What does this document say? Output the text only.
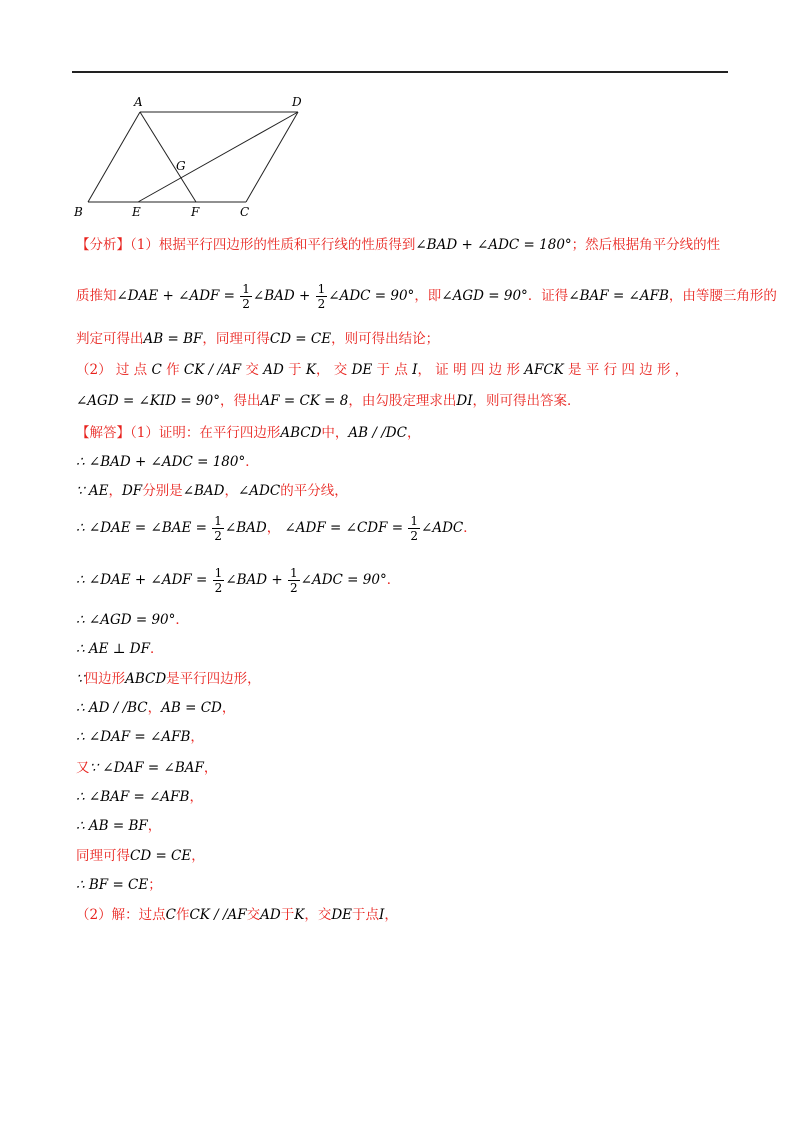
A	D
G
B	E	F	C
【分析】（1）根据平行四边形的性质和平行线的性质得到∠BAD + ∠ADC = 180°；然后根据角平分线的性
质推知∠DAE + ∠ADF = $\frac{1}{2}$ ∠BAD + $\frac{1}{2}$ ∠ADC = 90°，即∠AGD = 90°．证得∠BAF = ∠AFB，由等腰三角形的
判定可得出AB = BF，同理可得CD = CE，则可得出结论；
（2） 过 点 C 作 CK / /AF 交 AD 于 K， 交 DE 于 点 I， 证 明 四 边 形 AFCK 是 平 行 四 边 形 ，
∠AGD = ∠KID = 90°，得出AF = CK = 8，由勾股定理求出DI，则可得出答案．
【解答】（1）证明：在平行四边形ABCD中，AB / /DC，
∴ ∠BAD + ∠ADC = 180°．
∵ AE，DF分别是∠BAD，∠ADC的平分线，
∴ ∠DAE = ∠BAE = $\frac{1}{2}$ ∠BAD， ∠ADF = ∠CDF = $\frac{1}{2}$ ∠ADC．
∴ ∠DAE + ∠ADF = $\frac{1}{2}$ ∠BAD + $\frac{1}{2}$ ∠ADC = 90°．
∴ ∠AGD = 90°．
∴ AE ⊥ DF．
∵四边形ABCD是平行四边形，
∴ AD / /BC，AB = CD，
∴ ∠DAF = ∠AFB，
又∵ ∠DAF = ∠BAF，
∴ ∠BAF = ∠AFB，
∴ AB = BF，
同理可得CD = CE，
∴ BF = CE；
（2）解：过点C作CK / /AF交AD于K，交DE于点I，
